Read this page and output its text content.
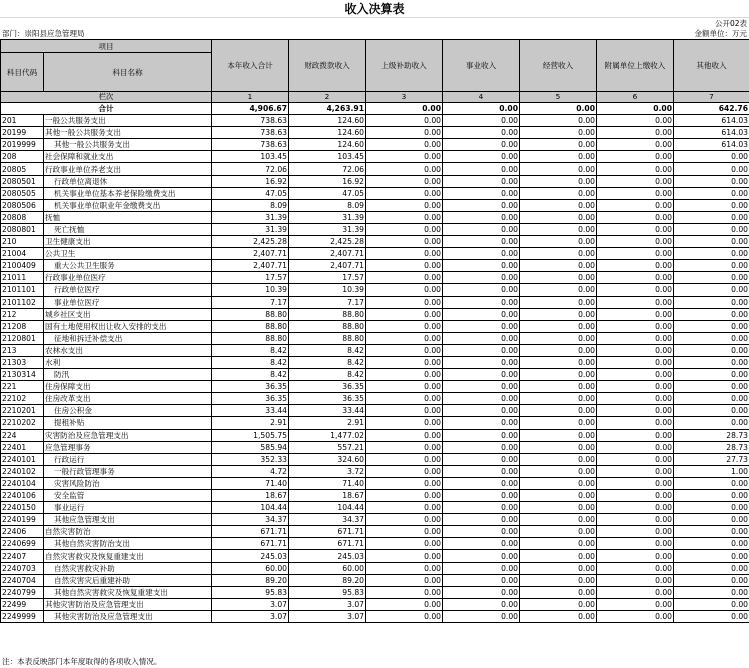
收入决算表
公开02表
部门：崇阳县应急管理局	金额单位：万元
项目		本年收入合计	财政拨款收入	上级补助收入	事业收入	经营收入	附属单位上缴收入	其他收入
科目代码	科目名称							
栏次		1	2	3	4	5	6	7
合计		4,906.67	4,263.91	0.00	0.00	0.00	0.00	642.76
201	一般公共服务支出	738.63	124.60	0.00	0.00	0.00	0.00	614.03
20199	其他一般公共服务支出	738.63	124.60	0.00	0.00	0.00	0.00	614.03
2019999	其他一般公共服务支出	738.63	124.60	0.00	0.00	0.00	0.00	614.03
208	社会保障和就业支出	103.45	103.45	0.00	0.00	0.00	0.00	0.00
20805	行政事业单位养老支出	72.06	72.06	0.00	0.00	0.00	0.00	0.00
2080501	行政单位离退休	16.92	16.92	0.00	0.00	0.00	0.00	0.00
2080505	机关事业单位基本养老保险缴费支出	47.05	47.05	0.00	0.00	0.00	0.00	0.00
2080506	机关事业单位职业年金缴费支出	8.09	8.09	0.00	0.00	0.00	0.00	0.00
20808	抚恤	31.39	31.39	0.00	0.00	0.00	0.00	0.00
2080801	死亡抚恤	31.39	31.39	0.00	0.00	0.00	0.00	0.00
210	卫生健康支出	2,425.28	2,425.28	0.00	0.00	0.00	0.00	0.00
21004	公共卫生	2,407.71	2,407.71	0.00	0.00	0.00	0.00	0.00
2100409	重大公共卫生服务	2,407.71	2,407.71	0.00	0.00	0.00	0.00	0.00
21011	行政事业单位医疗	17.57	17.57	0.00	0.00	0.00	0.00	0.00
2101101	行政单位医疗	10.39	10.39	0.00	0.00	0.00	0.00	0.00
2101102	事业单位医疗	7.17	7.17	0.00	0.00	0.00	0.00	0.00
212	城乡社区支出	88.80	88.80	0.00	0.00	0.00	0.00	0.00
21208	国有土地使用权出让收入安排的支出	88.80	88.80	0.00	0.00	0.00	0.00	0.00
2120801	征地和拆迁补偿支出	88.80	88.80	0.00	0.00	0.00	0.00	0.00
213	农林水支出	8.42	8.42	0.00	0.00	0.00	0.00	0.00
21303	水利	8.42	8.42	0.00	0.00	0.00	0.00	0.00
2130314	防汛	8.42	8.42	0.00	0.00	0.00	0.00	0.00
221	住房保障支出	36.35	36.35	0.00	0.00	0.00	0.00	0.00
22102	住房改革支出	36.35	36.35	0.00	0.00	0.00	0.00	0.00
2210201	住房公积金	33.44	33.44	0.00	0.00	0.00	0.00	0.00
2210202	提租补贴	2.91	2.91	0.00	0.00	0.00	0.00	0.00
224	灾害防治及应急管理支出	1,505.75	1,477.02	0.00	0.00	0.00	0.00	28.73
22401	应急管理事务	585.94	557.21	0.00	0.00	0.00	0.00	28.73
2240101	行政运行	352.33	324.60	0.00	0.00	0.00	0.00	27.73
2240102	一般行政管理事务	4.72	3.72	0.00	0.00	0.00	0.00	1.00
2240104	灾害风险防治	71.40	71.40	0.00	0.00	0.00	0.00	0.00
2240106	安全监管	18.67	18.67	0.00	0.00	0.00	0.00	0.00
2240150	事业运行	104.44	104.44	0.00	0.00	0.00	0.00	0.00
2240199	其他应急管理支出	34.37	34.37	0.00	0.00	0.00	0.00	0.00
22406	自然灾害防治	671.71	671.71	0.00	0.00	0.00	0.00	0.00
2240699	其他自然灾害防治支出	671.71	671.71	0.00	0.00	0.00	0.00	0.00
22407	自然灾害救灾及恢复重建支出	245.03	245.03	0.00	0.00	0.00	0.00	0.00
2240703	自然灾害救灾补助	60.00	60.00	0.00	0.00	0.00	0.00	0.00
2240704	自然灾害灾后重建补助	89.20	89.20	0.00	0.00	0.00	0.00	0.00
2240799	其他自然灾害救灾及恢复重建支出	95.83	95.83	0.00	0.00	0.00	0.00	0.00
22499	其他灾害防治及应急管理支出	3.07	3.07	0.00	0.00	0.00	0.00	0.00
2249999	其他灾害防治及应急管理支出	3.07	3.07	0.00	0.00	0.00	0.00	0.00
注：本表反映部门本年度取得的各项收入情况。
